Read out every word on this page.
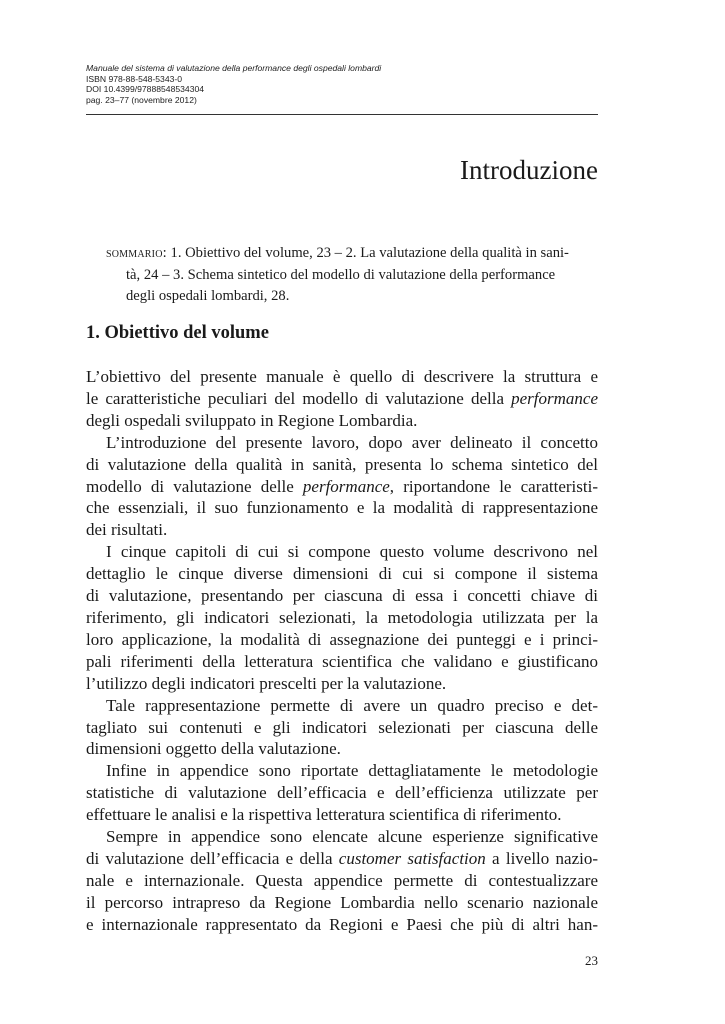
Manuale del sistema di valutazione della performance degli ospedali lombardi
ISBN 978-88-548-5343-0
DOI 10.4399/97888548534304
pag. 23–77 (novembre 2012)
Introduzione
sommario: 1. Obiettivo del volume, 23 – 2. La valutazione della qualità in sani-
tà, 24 – 3. Schema sintetico del modello di valutazione della performance
degli ospedali lombardi, 28.
1. Obiettivo del volume
L’obiettivo del presente manuale è quello di descrivere la struttura e
le caratteristiche peculiari del modello di valutazione della performance
degli ospedali sviluppato in Regione Lombardia.
L’introduzione del presente lavoro, dopo aver delineato il concetto
di valutazione della qualità in sanità, presenta lo schema sintetico del
modello di valutazione delle performance, riportandone le caratteristi-
che essenziali, il suo funzionamento e la modalità di rappresentazione
dei risultati.
I cinque capitoli di cui si compone questo volume descrivono nel
dettaglio le cinque diverse dimensioni di cui si compone il sistema
di valutazione, presentando per ciascuna di essa i concetti chiave di
riferimento, gli indicatori selezionati, la metodologia utilizzata per la
loro applicazione, la modalità di assegnazione dei punteggi e i princi-
pali riferimenti della letteratura scientifica che validano e giustificano
l’utilizzo degli indicatori prescelti per la valutazione.
Tale rappresentazione permette di avere un quadro preciso e det-
tagliato sui contenuti e gli indicatori selezionati per ciascuna delle
dimensioni oggetto della valutazione.
Infine in appendice sono riportate dettagliatamente le metodologie
statistiche di valutazione dell’efficacia e dell’efficienza utilizzate per
effettuare le analisi e la rispettiva letteratura scientifica di riferimento.
Sempre in appendice sono elencate alcune esperienze significative
di valutazione dell’efficacia e della customer satisfaction a livello nazio-
nale e internazionale. Questa appendice permette di contestualizzare
il percorso intrapreso da Regione Lombardia nello scenario nazionale
e internazionale rappresentato da Regioni e Paesi che più di altri han-
23
